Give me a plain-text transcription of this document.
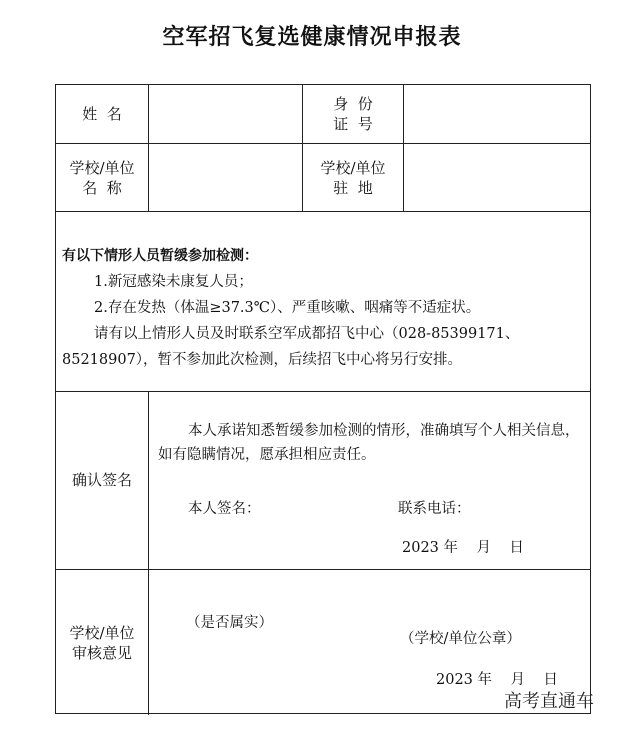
空军招飞复选健康情况申报表
姓  名
身  份
证  号
学校/单位
名  称
学校/单位
驻  地
有以下情形人员暂缓参加检测：
1.新冠感染未康复人员；
2.存在发热（体温≥37.3℃）、严重咳嗽、咽痛等不适症状。
请有以上情形人员及时联系空军成都招飞中心（028-85399171、
85218907），暂不参加此次检测，后续招飞中心将另行安排。
确认签名
本人承诺知悉暂缓参加检测的情形，准确填写个人相关信息，如有隐瞒情况，愿承担相应责任。
本人签名：	联系电话：
2023 年    月    日
学校/单位
审核意见
（是否属实）
（学校/单位公章）
2023 年    月    日
高考直通车
